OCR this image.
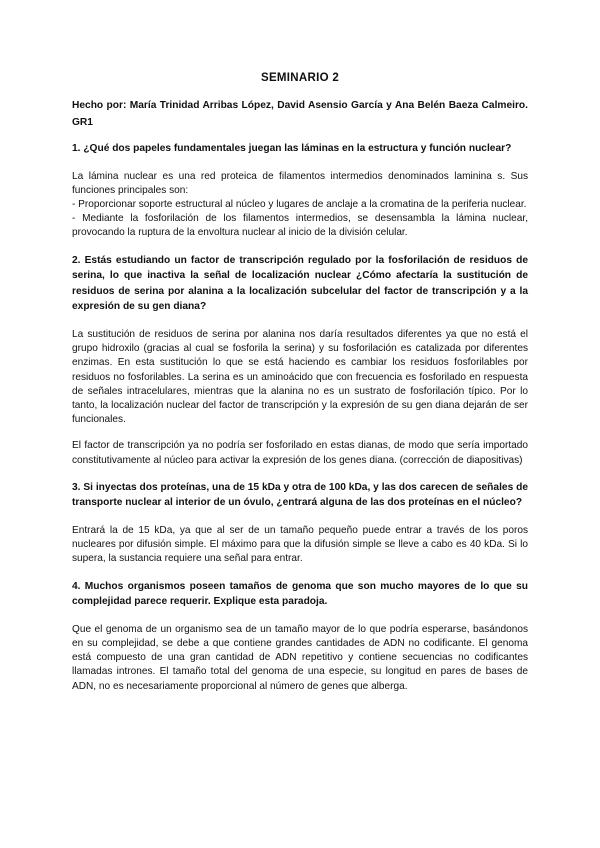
SEMINARIO 2
Hecho por: María Trinidad Arribas López, David Asensio García y Ana Belén Baeza Calmeiro. GR1
1. ¿Qué dos papeles fundamentales juegan las láminas en la estructura y función nuclear?
La lámina nuclear es una red proteica de filamentos intermedios denominados laminina s. Sus funciones principales son:
- Proporcionar soporte estructural al núcleo y lugares de anclaje a la cromatina de la periferia nuclear.
- Mediante la fosforilación de los filamentos intermedios, se desensambla la lámina nuclear, provocando la ruptura de la envoltura nuclear al inicio de la división celular.
2. Estás estudiando un factor de transcripción regulado por la fosforilación de residuos de serina, lo que inactiva la señal de localización nuclear ¿Cómo afectaría la sustitución de residuos de serina por alanina a la localización subcelular del factor de transcripción y a la expresión de su gen diana?
La sustitución de residuos de serina por alanina nos daría resultados diferentes ya que no está el grupo hidroxilo (gracias al cual se fosforila la serina) y su fosforilación es catalizada por diferentes enzimas. En esta sustitución lo que se está haciendo es cambiar los residuos fosforilables por residuos no fosforilables. La serina es un aminoácido que con frecuencia es fosforilado en respuesta de señales intracelulares, mientras que la alanina no es un sustrato de fosforilación típico. Por lo tanto, la localización nuclear del factor de transcripción y la expresión de su gen diana dejarán de ser funcionales.
El factor de transcripción ya no podría ser fosforilado en estas dianas, de modo que sería importado constitutivamente al núcleo para activar la expresión de los genes diana. (corrección de diapositivas)
3. Si inyectas dos proteínas, una de 15 kDa y otra de 100 kDa, y las dos carecen de señales de transporte nuclear al interior de un óvulo, ¿entrará alguna de las dos proteínas en el núcleo?
Entrará la de 15 kDa, ya que al ser de un tamaño pequeño puede entrar a través de los poros nucleares por difusión simple. El máximo para que la difusión simple se lleve a cabo es 40 kDa. Si lo supera, la sustancia requiere una señal para entrar.
4. Muchos organismos poseen tamaños de genoma que son mucho mayores de lo que su complejidad parece requerir. Explique esta paradoja.
Que el genoma de un organismo sea de un tamaño mayor de lo que podría esperarse, basándonos en su complejidad, se debe a que contiene grandes cantidades de ADN no codificante. El genoma está compuesto de una gran cantidad de ADN repetitivo y contiene secuencias no codificantes llamadas intrones. El tamaño total del genoma de una especie, su longitud en pares de bases de ADN, no es necesariamente proporcional al número de genes que alberga.
